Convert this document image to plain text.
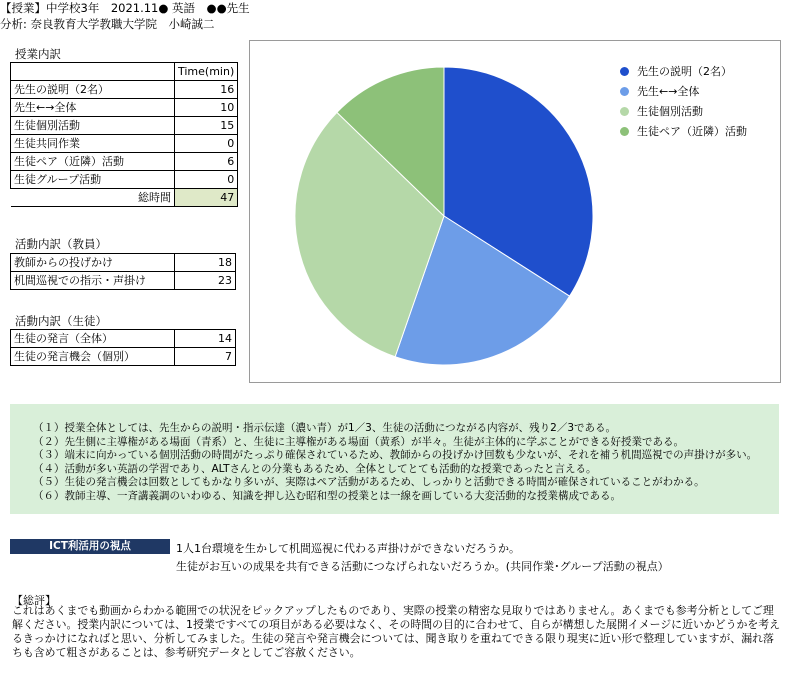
【授業】中学校3年　2021.11● 英語　●●先生
分析: 奈良教育大学教職大学院　小崎誠二
授業内訳
	Time(min)
先生の説明（2名）	16
先生←→全体	10
生徒個別活動	15
生徒共同作業	0
生徒ペア（近隣）活動	6
生徒グループ活動	0
総時間	47
活動内訳（教員）
教師からの投げかけ	18
机間巡視での指示・声掛け	23
活動内訳（生徒）
生徒の発言（全体）	14
生徒の発言機会（個別）	7
先生の説明（2名）
先生←→全体
生徒個別活動
生徒ペア（近隣）活動
（１）授業全体としては、先生からの説明・指示伝達（濃い青）が1／3、生徒の活動につながる内容が、残り2／3である。
（２）先生側に主導権がある場面（青系）と、生徒に主導権がある場面（黄系）が半々。生徒が主体的に学ぶことができる好授業である。
（３）端末に向かっている個別活動の時間がたっぷり確保されているため、教師からの投げかけ回数も少ないが、それを補う机間巡視での声掛けが多い。
（４）活動が多い英語の学習であり、ALTさんとの分業もあるため、全体としてとても活動的な授業であったと言える。
（５）生徒の発言機会は回数としてもかなり多いが、実際はペア活動があるため、しっかりと活動できる時間が確保されていることがわかる。
（６）教師主導、一斉講義調のいわゆる、知識を押し込む昭和型の授業とは一線を画している大変活動的な授業構成である。
ICT利活用の視点	1人1台環境を生かして机間巡視に代わる声掛けができないだろうか。
生徒がお互いの成果を共有できる活動につなげられないだろうか。(共同作業･グループ活動の視点）
【総評】
これはあくまでも動画からわかる範囲での状況をピックアップしたものであり、実際の授業の精密な見取りではありません。あくまでも参考分析としてご理解ください。授業内訳については、1授業ですべての項目がある必要はなく、その時間の目的に合わせて、自らが構想した展開イメージに近いかどうかを考えるきっかけになればと思い、分析してみました。生徒の発言や発言機会については、聞き取りを重ねてできる限り現実に近い形で整理していますが、漏れ落ちも含めて粗さがあることは、参考研究データとしてご容赦ください。
